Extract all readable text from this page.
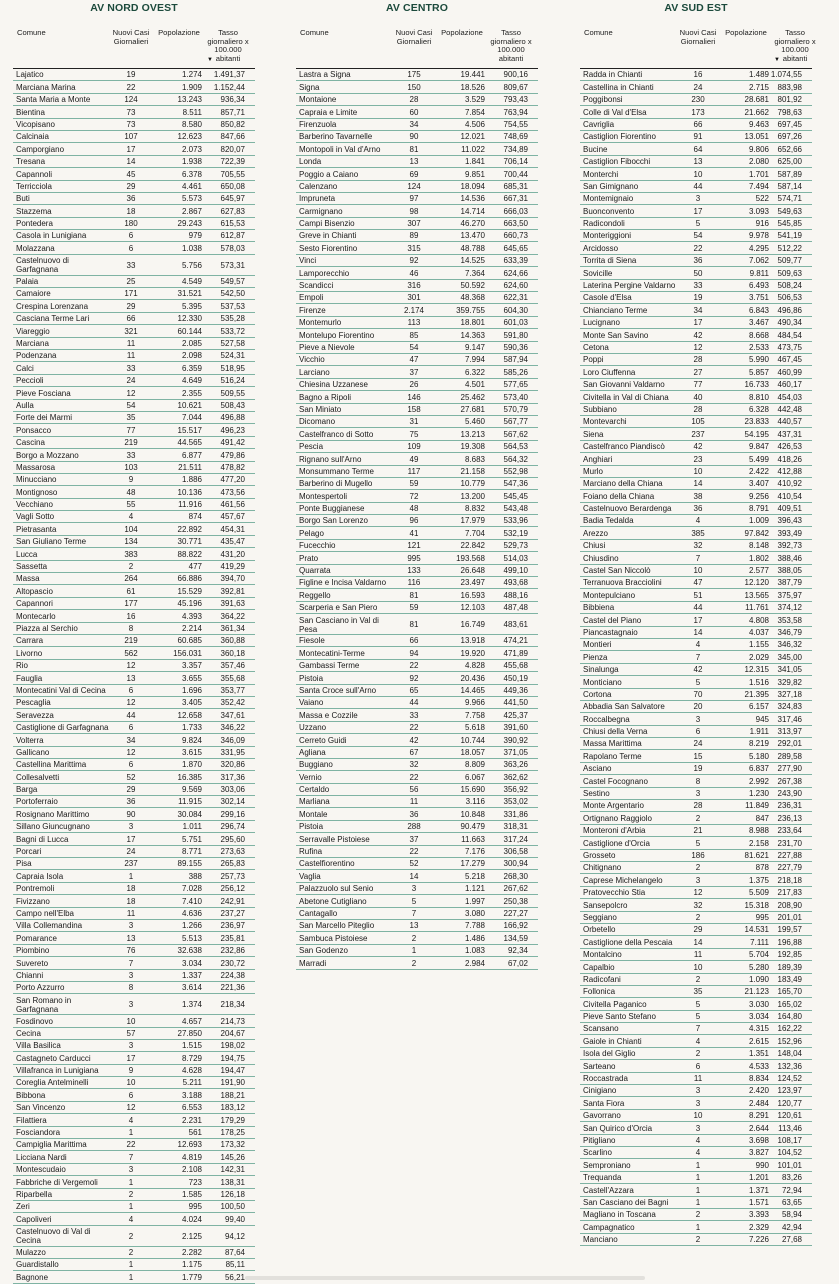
AV NORD OVEST
Comune	Nuovi Casi Giornalieri
Popolazione	Tasso giornaliero x 100.000 abitanti
▼
Lajatico	19	1.274 1.491,37
Marciana Marina	22	1.909 1.152,44
Santa Maria a Monte	124	13.243 936,34
Bientina	73	8.511 857,71
Vicopisano	73	8.580 850,82
Calcinaia	107	12.623 847,66
Camporgiano	17	2.073 820,07
Tresana	14	1.938 722,39
Capannoli	45	6.378 705,55
Terricciola	29	4.461 650,08
Buti	36	5.573 645,97
Stazzema	18	2.867 627,83
Pontedera	180	29.243 615,53
Casola in Lunigiana	6	979 612,87
Molazzana	6	1.038 578,03
Castelnuovo di Garfagnana	33	5.756 573,31
Palaia	25	4.549 549,57
Camaiore	171	31.521 542,50
Crespina Lorenzana	29	5.395 537,53
Casciana Terme Lari	66	12.330 535,28
Viareggio	321	60.144 533,72
Marciana	11	2.085 527,58
Podenzana	11	2.098 524,31
Calci	33	6.359 518,95
Peccioli	24	4.649 516,24
Pieve Fosciana	12	2.355 509,55
Aulla	54	10.621 508,43
Forte dei Marmi	35	7.044 496,88
Ponsacco	77	15.517 496,23
Cascina	219	44.565 491,42
Borgo a Mozzano	33	6.877 479,86
Massarosa	103	21.511 478,82
Minucciano	9	1.886 477,20
Montignoso	48	10.136 473,56
Vecchiano	55	11.916 461,56
Vagli Sotto	4	874 457,67
Pietrasanta	104	22.892 454,31
San Giuliano Terme	134	30.771 435,47
Lucca	383	88.822 431,20
Sassetta	2	477 419,29
Massa	264	66.886 394,70
Altopascio	61	15.529 392,81
Capannori	177	45.196 391,63
Montecarlo	16	4.393 364,22
Piazza al Serchio	8	2.214 361,34
Carrara	219	60.685 360,88
Livorno	562	156.031 360,18
Rio	12	3.357 357,46
Fauglia	13	3.655 355,68
Montecatini Val di Cecina	6	1.696 353,77
Pescaglia	12	3.405 352,42
Seravezza	44	12.658 347,61
Castiglione di Garfagnana	6	1.733 346,22
Volterra	34	9.824 346,09
Gallicano	12	3.615 331,95
Castellina Marittima	6	1.870 320,86
Collesalvetti	52	16.385 317,36
Barga	29	9.569 303,06
Portoferraio	36	11.915 302,14
Rosignano Marittimo	90	30.084 299,16
Sillano Giuncugnano	3	1.011 296,74
Bagni di Lucca	17	5.751 295,60
Porcari	24	8.771 273,63
Pisa	237	89.155 265,83
Capraia Isola	1	388 257,73
Pontremoli	18	7.028 256,12
Fivizzano	18	7.410 242,91
Campo nell'Elba	11	4.636 237,27
Villa Collemandina	3	1.266 236,97
Pomarance	13	5.513 235,81
Piombino	76	32.638 232,86
Suvereto	7	3.034 230,72
Chianni	3	1.337 224,38
Porto Azzurro	8	3.614 221,36
San Romano in Garfagnana	3	1.374 218,34
Fosdinovo	10	4.657 214,73
Cecina	57	27.850 204,67
Villa Basilica	3	1.515 198,02
Castagneto Carducci	17	8.729 194,75
Villafranca in Lunigiana	9	4.628 194,47
Coreglia Antelminelli	10	5.211 191,90
Bibbona	6	3.188 188,21
San Vincenzo	12	6.553 183,12
Filattiera	4	2.231 179,29
Fosciandora	1	561 178,25
Campiglia Marittima	22	12.693 173,32
Licciana Nardi	7	4.819 145,26
Montescudaio	3	2.108 142,31
Fabbriche di Vergemoli	1	723 138,31
Riparbella	2	1.585 126,18
Zeri	1	995 100,50
Capoliveri	4	4.024	99,40
Castelnuovo di Val di Cecina	2	2.125	94,12
Mulazzo	2	2.282	87,64
Guardistallo	1	1.175	85,11
Bagnone	1	1.779	56,21
AV CENTRO
Comune	Nuovi Casi Giornalieri
Popolazione	Tasso giornaliero x 100.000 abitanti
Lastra a Signa	175	19.441 900,16
Signa	150	18.526 809,67
Montaione	28	3.529 793,43
Capraia e Limite	60	7.854 763,94
Firenzuola	34	4.506 754,55
Barberino Tavarnelle	90	12.021 748,69
Montopoli in Val d'Arno	81	11.022 734,89
Londa	13	1.841 706,14
Poggio a Caiano	69	9.851 700,44
Calenzano	124	18.094 685,31
Impruneta	97	14.536 667,31
Carmignano	98	14.714 666,03
Campi Bisenzio	307	46.270 663,50
Greve in Chianti	89	13.470 660,73
Sesto Fiorentino	315	48.788 645,65
Vinci	92	14.525 633,39
Lamporecchio	46	7.364 624,66
Scandicci	316	50.592 624,60
Empoli	301	48.368 622,31
Firenze	2.174	359.755 604,30
Montemurlo	113	18.801 601,03
Montelupo Fiorentino	85	14.363 591,80
Pieve a Nievole	54	9.147 590,36
Vicchio	47	7.994 587,94
Larciano	37	6.322 585,26
Chiesina Uzzanese	26	4.501 577,65
Bagno a Ripoli	146	25.462 573,40
San Miniato	158	27.681 570,79
Dicomano	31	5.460 567,77
Castelfranco di Sotto	75	13.213 567,62
Pescia	109	19.308 564,53
Rignano sull'Arno	49	8.683 564,32
Monsummano Terme	117	21.158 552,98
Barberino di Mugello	59	10.779 547,36
Montespertoli	72	13.200 545,45
Ponte Buggianese	48	8.832 543,48
Borgo San Lorenzo	96	17.979 533,96
Pelago	41	7.704 532,19
Fucecchio	121	22.842 529,73
Prato	995	193.568 514,03
Quarrata	133	26.648 499,10
Figline e Incisa Valdarno	116	23.497 493,68
Reggello	81	16.593 488,16
Scarperia e San Piero	59	12.103 487,48
San Casciano in Val di Pesa	81	16.749 483,61
Fiesole	66	13.918 474,21
Montecatini-Terme	94	19.920 471,89
Gambassi Terme	22	4.828 455,68
Pistoia	92	20.436 450,19
Santa Croce sull'Arno	65	14.465 449,36
Vaiano	44	9.966 441,50
Massa e Cozzile	33	7.758 425,37
Uzzano	22	5.618 391,60
Cerreto Guidi	42	10.744 390,92
Agliana	67	18.057 371,05
Buggiano	32	8.809 363,26
Vernio	22	6.067 362,62
Certaldo	56	15.690 356,92
Marliana	11	3.116 353,02
Montale	36	10.848 331,86
Pistoia	288	90.479 318,31
Serravalle Pistoiese	37	11.663 317,24
Rufina	22	7.176 306,58
Castelfiorentino	52	17.279 300,94
Vaglia	14	5.218 268,30
Palazzuolo sul Senio	3	1.121 267,62
Abetone Cutigliano	5	1.997 250,38
Cantagallo	7	3.080 227,27
San Marcello Piteglio	13	7.788 166,92
Sambuca Pistoiese	2	1.486 134,59
San Godenzo	1	1.083	92,34
Marradi	2	2.984	67,02
AV SUD EST
Comune	Nuovi Casi Giornalieri
Popolazione	Tasso giornaliero x 100.000 abitanti
▼
Radda in Chianti	16	1.489 1.074,55
Castellina in Chianti	24	2.715 883,98
Poggibonsi	230	28.681 801,92
Colle di Val d'Elsa	173	21.662 798,63
Cavriglia	66	9.463 697,45
Castiglion Fiorentino	91	13.051 697,26
Bucine	64	9.806 652,66
Castiglion Fibocchi	13	2.080 625,00
Monterchi	10	1.701 587,89
San Gimignano	44	7.494 587,14
Montemignaio	3	522 574,71
Buonconvento	17	3.093 549,63
Radicondoli	5	916 545,85
Monteriggioni	54	9.978 541,19
Arcidosso	22	4.295 512,22
Torrita di Siena	36	7.062 509,77
Sovicille	50	9.811 509,63
Laterina Pergine Valdarno	33	6.493 508,24
Casole d'Elsa	19	3.751 506,53
Chianciano Terme	34	6.843 496,86
Lucignano	17	3.467 490,34
Monte San Savino	42	8.668 484,54
Cetona	12	2.533 473,75
Poppi	28	5.990 467,45
Loro Ciuffenna	27	5.857 460,99
San Giovanni Valdarno	77	16.733 460,17
Civitella in Val di Chiana	40	8.810 454,03
Subbiano	28	6.328 442,48
Montevarchi	105	23.833 440,57
Siena	237	54.195 437,31
Castelfranco Piandiscò	42	9.847 426,53
Anghiari	23	5.499 418,26
Murlo	10	2.422 412,88
Marciano della Chiana	14	3.407 410,92
Foiano della Chiana	38	9.256 410,54
Castelnuovo Berardenga	36	8.791 409,51
Badia Tedalda	4	1.009 396,43
Arezzo	385	97.842 393,49
Chiusi	32	8.148 392,73
Chiusdino	7	1.802 388,46
Castel San Niccolò	10	2.577 388,05
Terranuova Bracciolini	47	12.120 387,79
Montepulciano	51	13.565 375,97
Bibbiena	44	11.761 374,12
Castel del Piano	17	4.808 353,58
Piancastagnaio	14	4.037 346,79
Montieri	4	1.155 346,32
Pienza	7	2.029 345,00
Sinalunga	42	12.315 341,05
Monticiano	5	1.516 329,82
Cortona	70	21.395 327,18
Abbadia San Salvatore	20	6.157 324,83
Roccalbegna	3	945 317,46
Chiusi della Verna	6	1.911 313,97
Massa Marittima	24	8.219 292,01
Rapolano Terme	15	5.180 289,58
Asciano	19	6.837 277,90
Castel Focognano	8	2.992 267,38
Sestino	3	1.230 243,90
Monte Argentario	28	11.849 236,31
Ortignano Raggiolo	2	847 236,13
Monteroni d'Arbia	21	8.988 233,64
Castiglione d'Orcia	5	2.158 231,70
Grosseto	186	81.621 227,88
Chitignano	2	878 227,79
Caprese Michelangelo	3	1.375 218,18
Pratovecchio Stia	12	5.509 217,83
Sansepolcro	32	15.318 208,90
Seggiano	2	995 201,01
Orbetello	29	14.531 199,57
Castiglione della Pescaia	14	7.111 196,88
Montalcino	11	5.704 192,85
Capalbio	10	5.280 189,39
Radicofani	2	1.090 183,49
Follonica	35	21.123 165,70
Civitella Paganico	5	3.030 165,02
Pieve Santo Stefano	5	3.034 164,80
Scansano	7	4.315 162,22
Gaiole in Chianti	4	2.615 152,96
Isola del Giglio	2	1.351 148,04
Sarteano	6	4.533 132,36
Roccastrada	11	8.834 124,52
Cinigiano	3	2.420 123,97
Santa Fiora	3	2.484 120,77
Gavorrano	10	8.291 120,61
San Quirico d'Orcia	3	2.644 113,46
Pitigliano	4	3.698 108,17
Scarlino	4	3.827 104,52
Semproniano	1	990 101,01
Trequanda	1	1.201 83,26
Castell'Azzara	1	1.371 72,94
San Casciano dei Bagni	1	1.571 63,65
Magliano in Toscana	2	3.393 58,94
Campagnatico	1	2.329 42,94
Manciano	2	7.226 27,68
